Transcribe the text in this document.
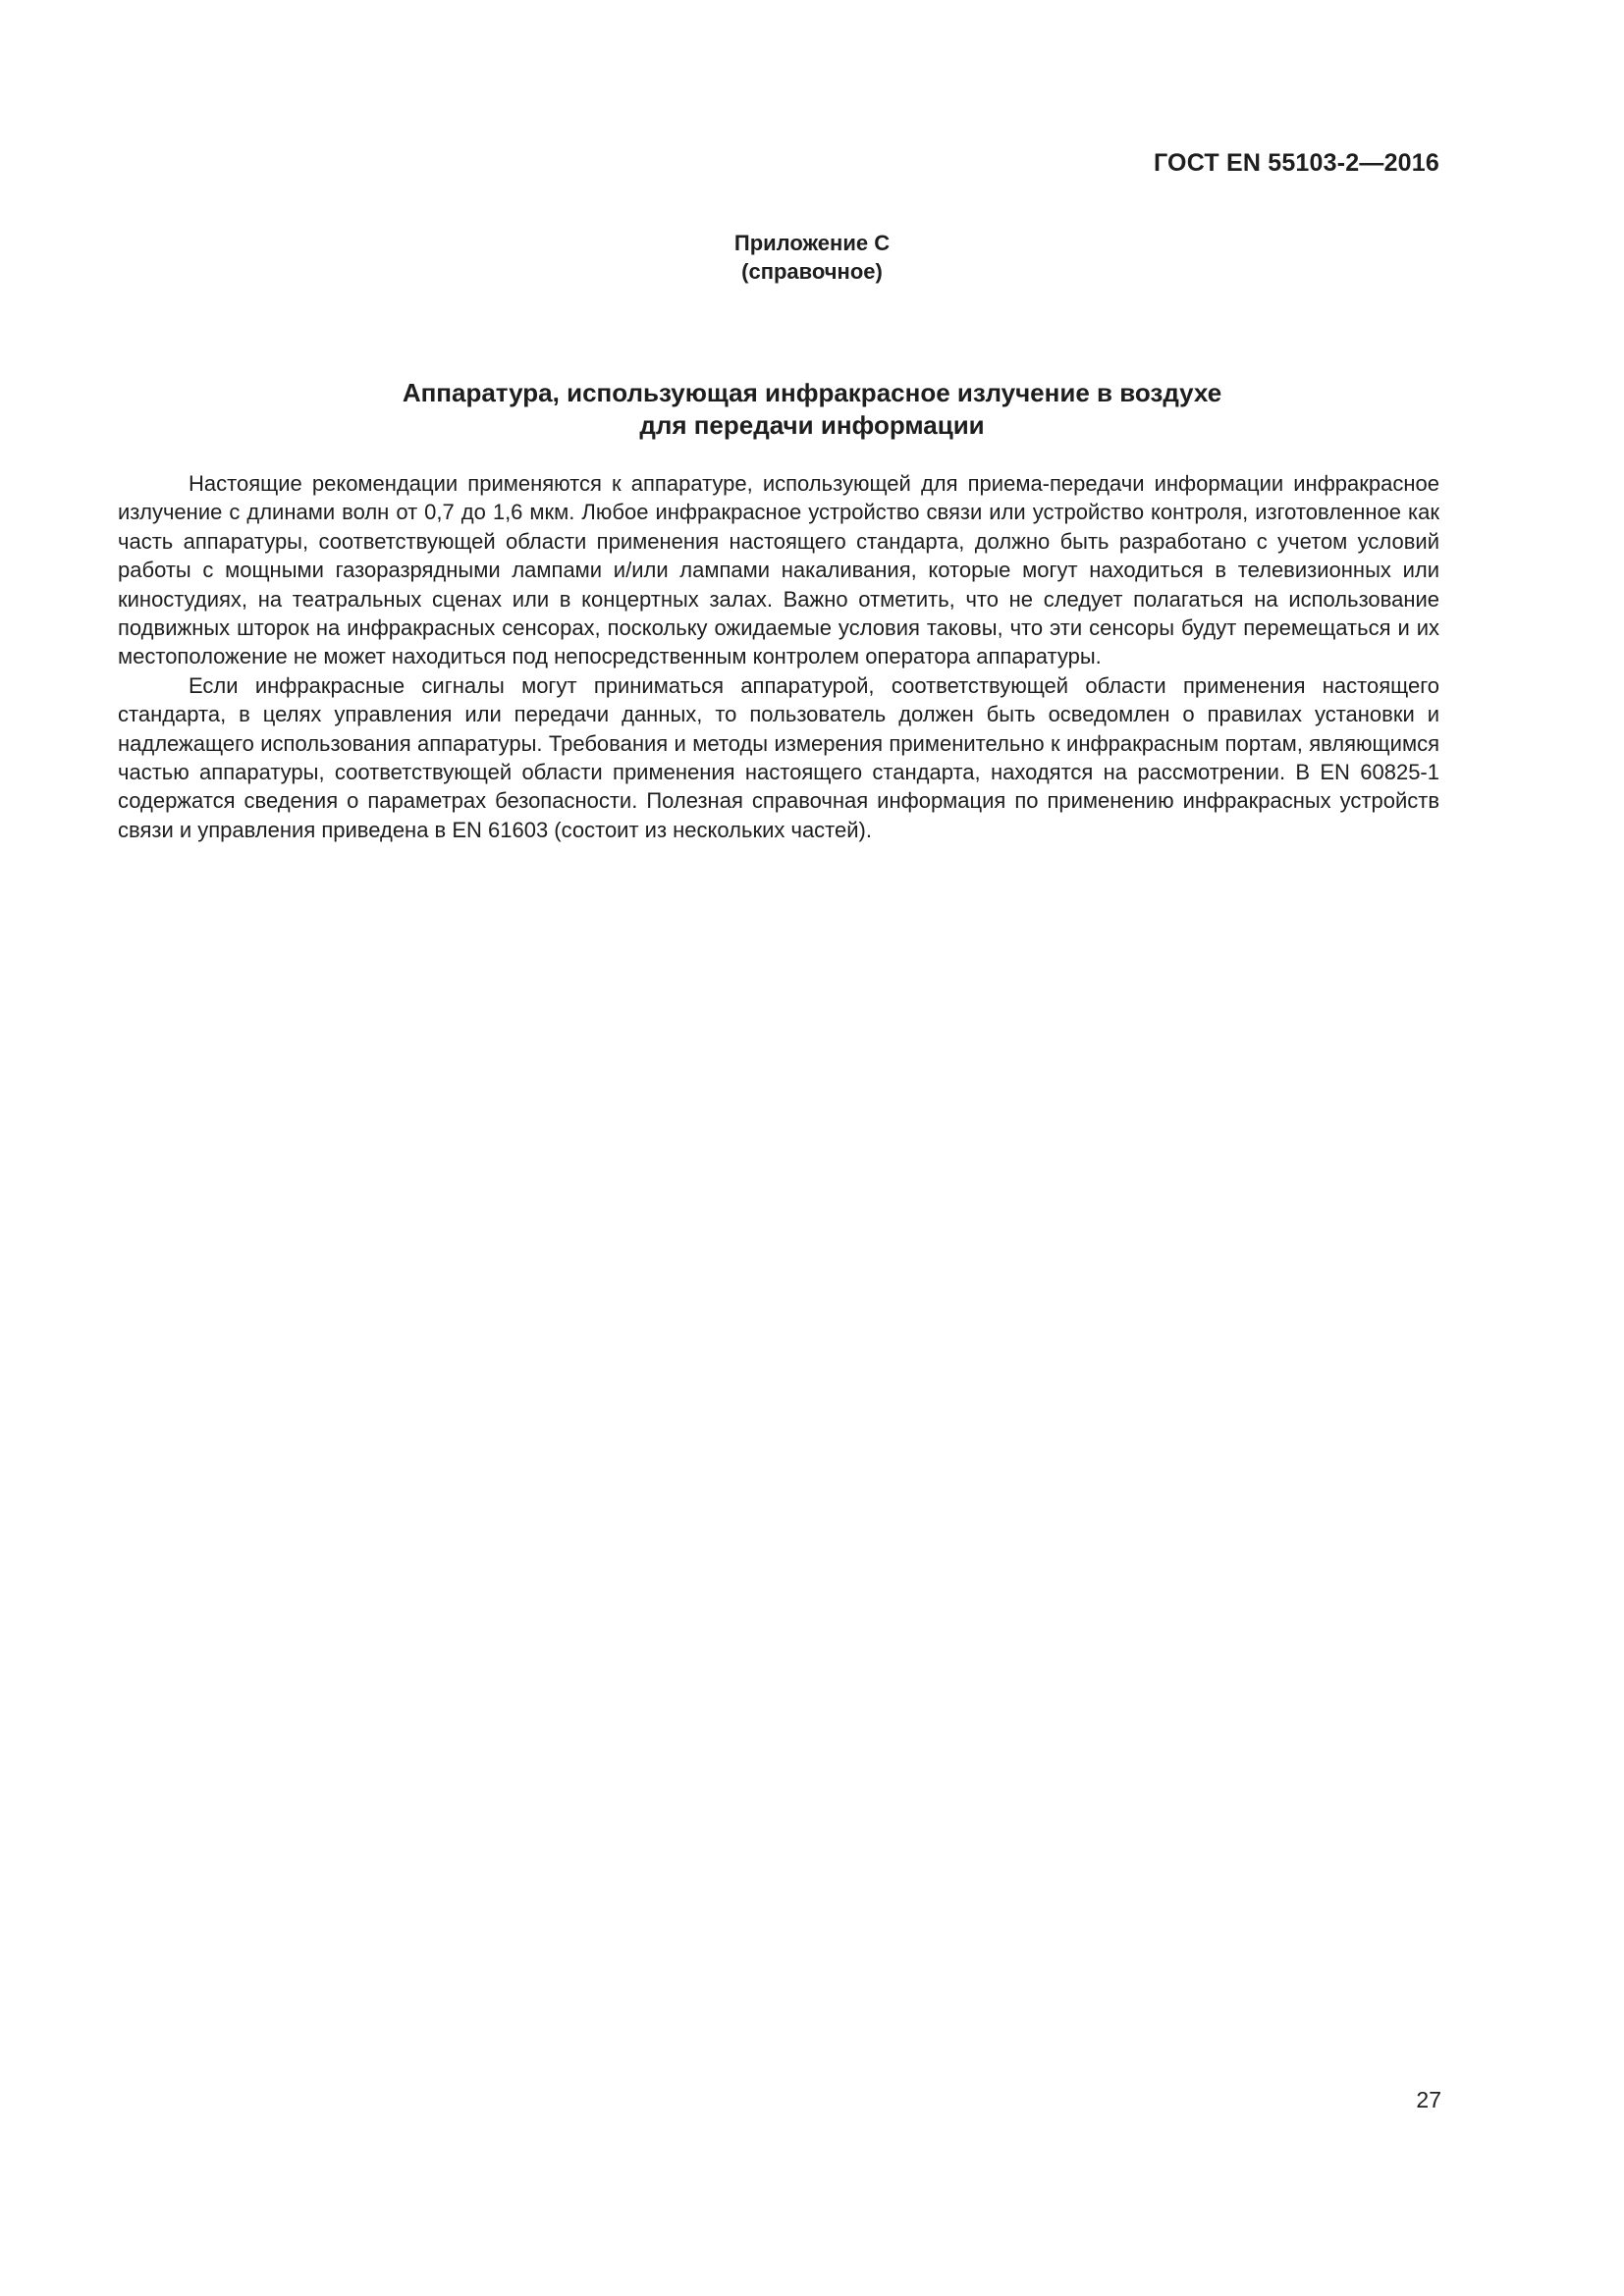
ГОСТ EN 55103-2—2016
Приложение С
(справочное)
Аппаратура, использующая инфракрасное излучение в воздухе
для передачи информации

Настоящие рекомендации применяются к аппаратуре, использующей для приема-передачи информации инфракрасное излучение с длинами волн от 0,7 до 1,6 мкм. Любое инфракрасное устройство связи или устройство контроля, изготовленное как часть аппаратуры, соответствующей области применения настоящего стандарта, должно быть разработано с учетом условий работы с мощными газоразрядными лампами и/или лампами накаливания, которые могут находиться в телевизионных или киностудиях, на театральных сценах или в концертных залах. Важно отметить, что не следует полагаться на использование подвижных шторок на инфракрасных сенсорах, поскольку ожидаемые условия таковы, что эти сенсоры будут перемещаться и их местоположение не может находиться под непосредственным контролем оператора аппаратуры.

Если инфракрасные сигналы могут приниматься аппаратурой, соответствующей области применения настоящего стандарта, в целях управления или передачи данных, то пользователь должен быть осведомлен о правилах установки и надлежащего использования аппаратуры. Требования и методы измерения применительно к инфракрасным портам, являющимся частью аппаратуры, соответствующей области применения настоящего стандарта, находятся на рассмотрении. В EN 60825-1 содержатся сведения о параметрах безопасности. Полезная справочная информация по применению инфракрасных устройств связи и управления приведена в EN 61603 (состоит из нескольких частей).

27
